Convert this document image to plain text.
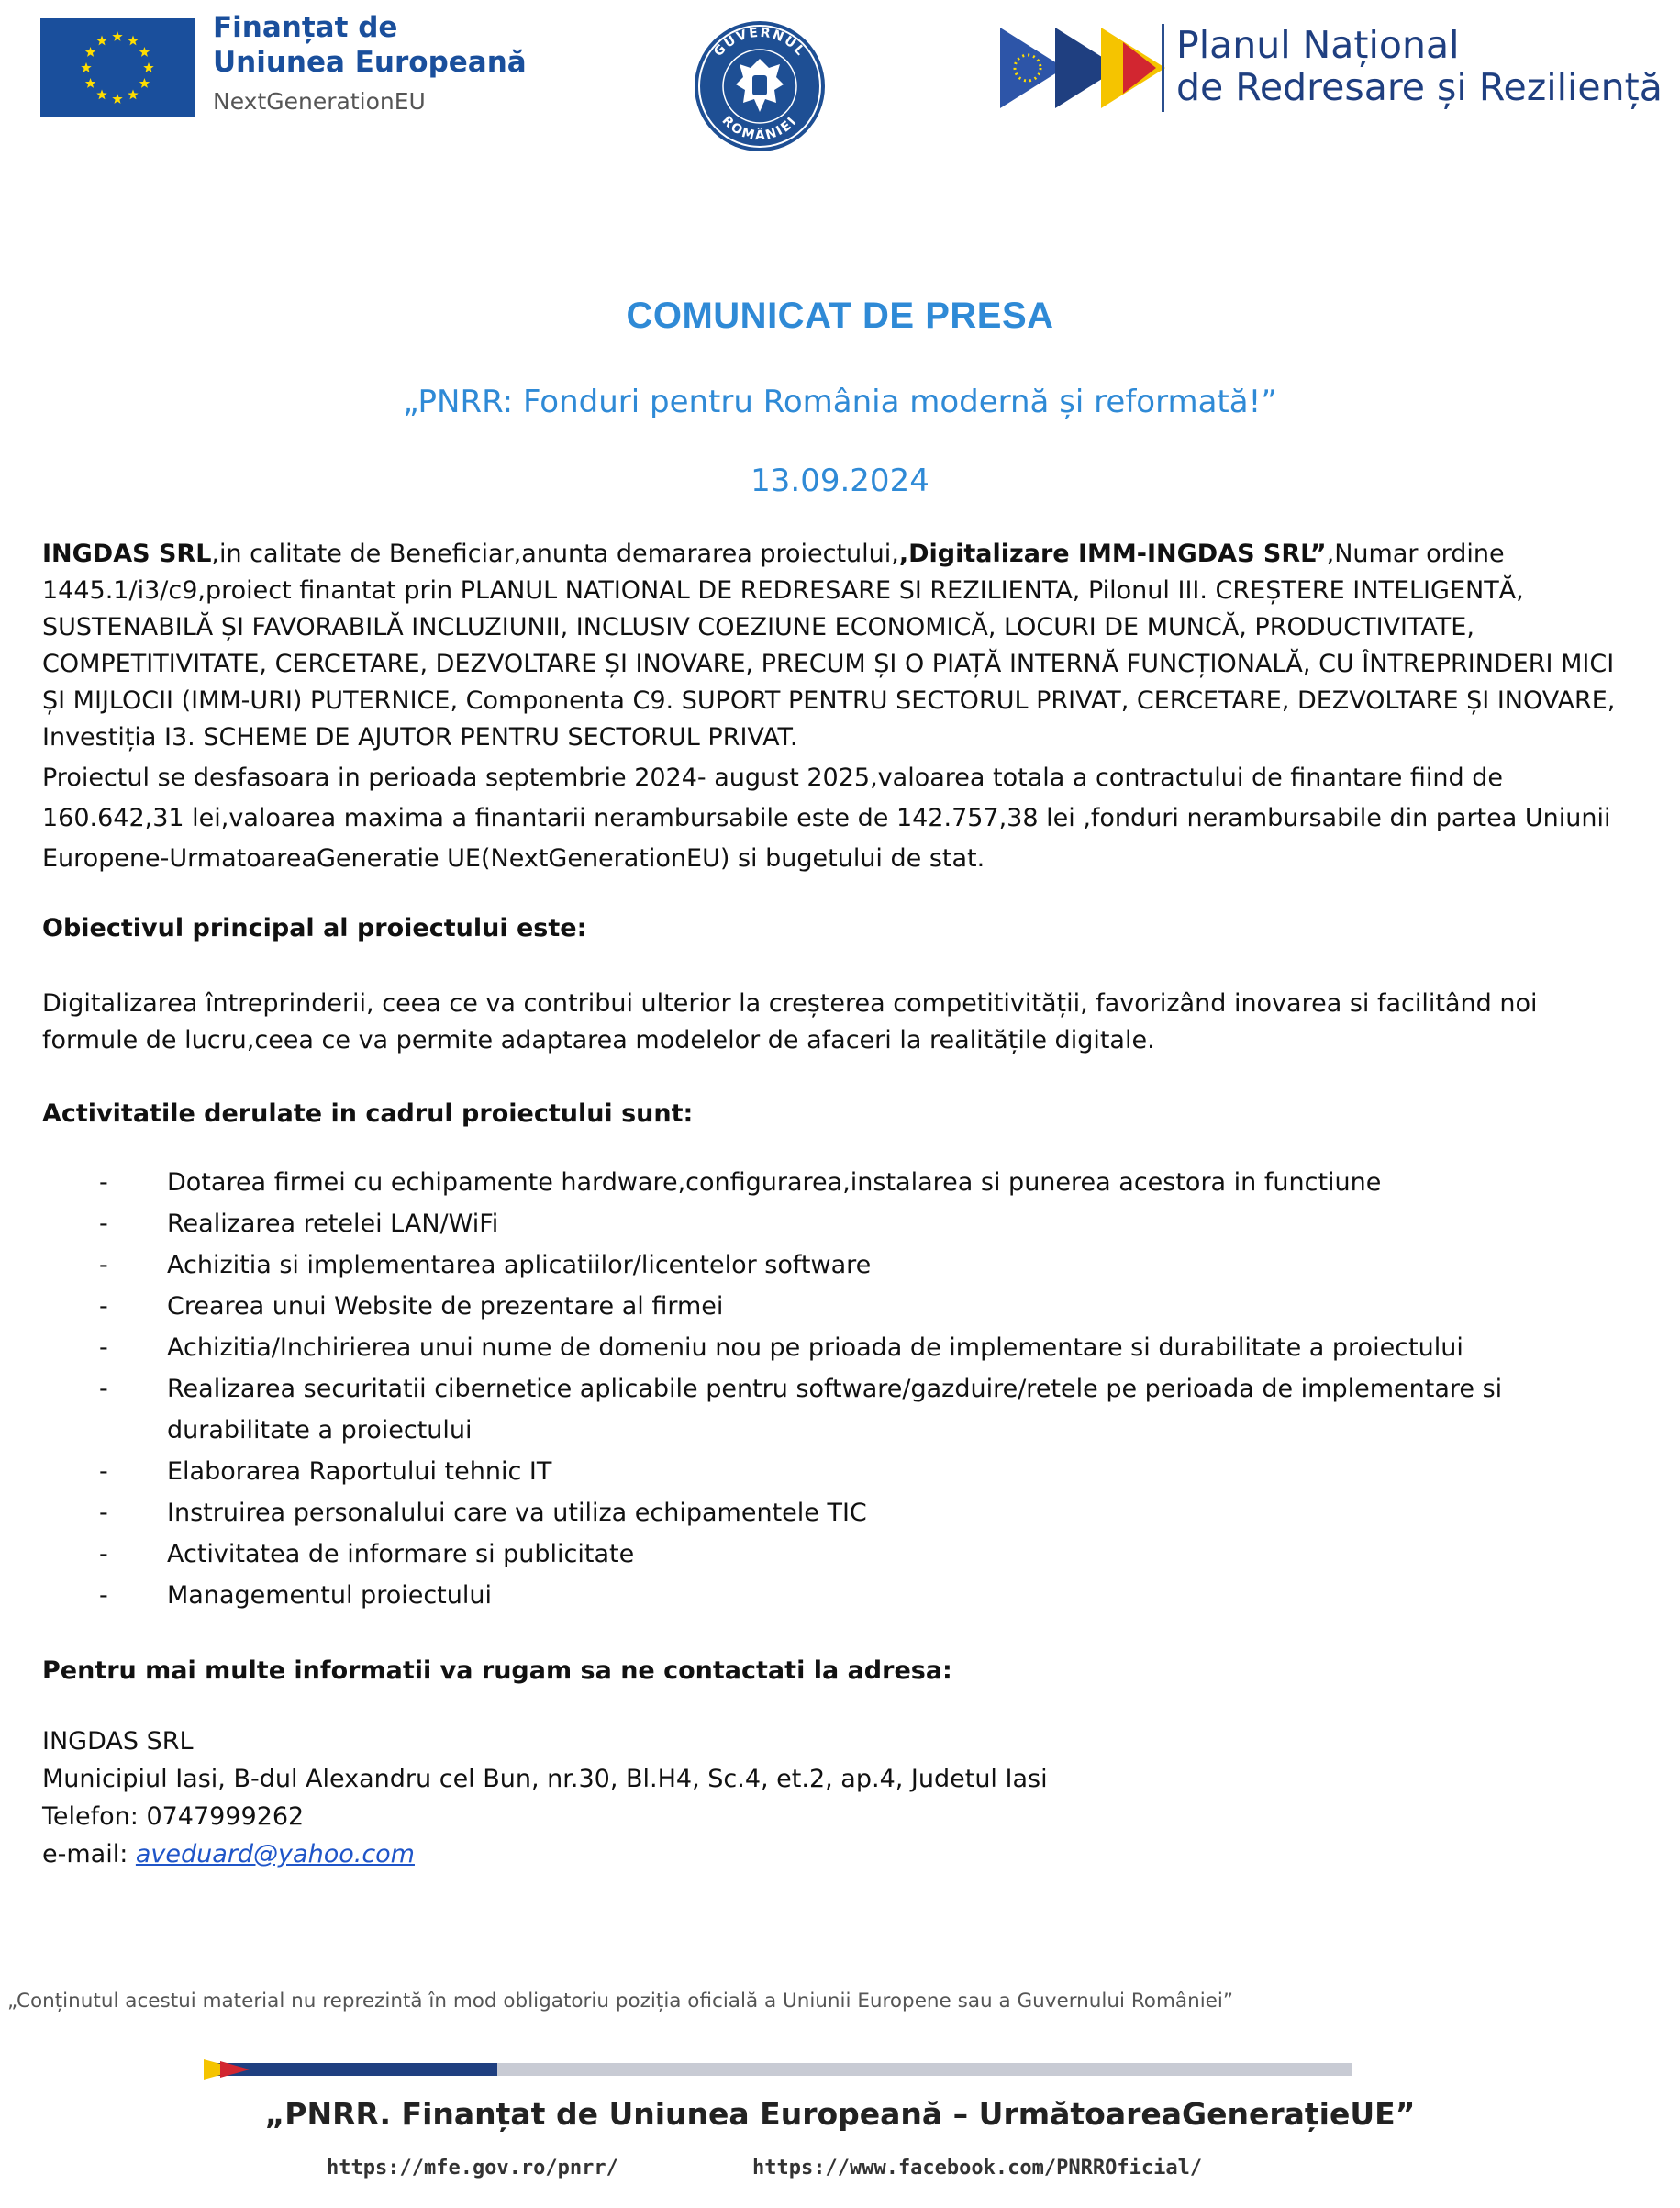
Finanțat de
Uniunea Europeană
NextGenerationEU
GUVERNUL
ROMÂNIEI
Planul Național
de Redresare și Reziliență
COMUNICAT DE PRESA
„PNRR: Fonduri pentru România modernă și reformată!”
13.09.2024

INGDAS SRL,in calitate de Beneficiar,anunta demararea proiectului,,Digitalizare IMM-INGDAS SRL”,Numar ordine 1445.1/i3/c9,proiect finantat prin PLANUL NATIONAL DE REDRESARE SI REZILIENTA, Pilonul III. CREȘTERE INTELIGENTĂ, SUSTENABILĂ ȘI FAVORABILĂ INCLUZIUNII, INCLUSIV COEZIUNE ECONOMICĂ, LOCURI DE MUNCĂ, PRODUCTIVITATE, COMPETITIVITATE, CERCETARE, DEZVOLTARE ȘI INOVARE, PRECUM ȘI O PIAȚĂ INTERNĂ FUNCȚIONALĂ, CU ÎNTREPRINDERI MICI ȘI MIJLOCII (IMM-URI) PUTERNICE, Componenta C9. SUPORT PENTRU SECTORUL PRIVAT, CERCETARE, DEZVOLTARE ȘI INOVARE, Investiția I3. SCHEME DE AJUTOR PENTRU SECTORUL PRIVAT.

Proiectul se desfasoara in perioada septembrie 2024- august 2025,valoarea totala a contractului de finantare fiind de 160.642,31 lei,valoarea maxima a finantarii nerambursabile este de 142.757,38 lei ,fonduri nerambursabile din partea Uniunii Europene-UrmatoareaGeneratie UE(NextGenerationEU) si bugetului de stat.

Obiectivul principal al proiectului este:

Digitalizarea întreprinderii, ceea ce va contribui ulterior la creșterea competitivității, favorizând inovarea si facilitând noi formule de lucru,ceea ce va permite adaptarea modelelor de afaceri la realitățile digitale.

Activitatile derulate in cadrul proiectului sunt:

- Dotarea firmei cu echipamente hardware,configurarea,instalarea si punerea acestora in functiune
- Realizarea retelei LAN/WiFi
- Achizitia si implementarea aplicatiilor/licentelor software
- Crearea unui Website de prezentare al firmei
- Achizitia/Inchirierea unui nume de domeniu nou pe prioada de implementare si durabilitate a proiectului
- Realizarea securitatii cibernetice aplicabile pentru software/gazduire/retele pe perioada de implementare si durabilitate a proiectului
- Elaborarea Raportului tehnic IT
- Instruirea personalului care va utiliza echipamentele TIC
- Activitatea de informare si publicitate
- Managementul proiectului

Pentru mai multe informatii va rugam sa ne contactati la adresa:

INGDAS SRL
Municipiul Iasi, B-dul Alexandru cel Bun, nr.30, Bl.H4, Sc.4, et.2, ap.4, Judetul Iasi
Telefon: 0747999262
e-mail: aveduard@yahoo.com

„Conținutul acestui material nu reprezintă în mod obligatoriu poziția oficială a Uniunii Europene sau a Guvernului României”
„PNRR. Finanțat de Uniunea Europeană – UrmătoareaGenerațieUE”
https://mfe.gov.ro/pnrr/	https://www.facebook.com/PNRROficial/
